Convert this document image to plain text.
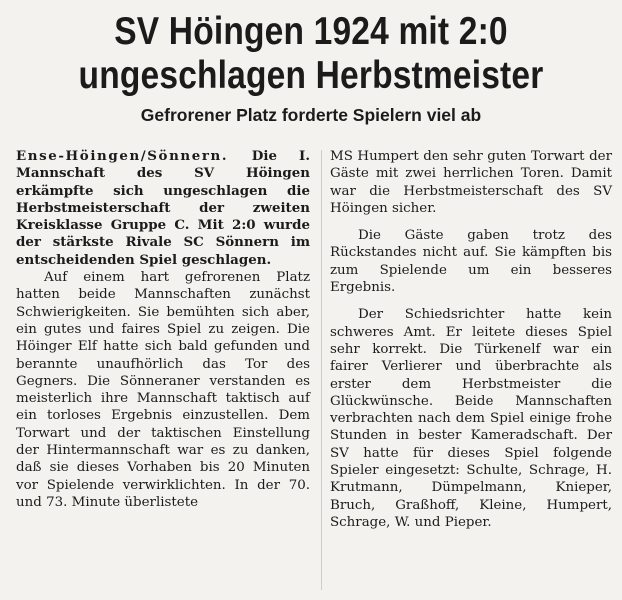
SV Höingen 1924 mit 2:0
ungeschlagen Herbstmeister
Gefrorener Platz forderte Spielern viel ab

Ense-Höingen/Sönnern. Die I. Mannschaft des SV Höingen erkämpfte sich ungeschlagen die Herbstmeisterschaft der zweiten Kreisklasse Gruppe C. Mit 2:0 wurde der stärkste Rivale SC Sönnern im entscheidenden Spiel geschlagen.

Auf einem hart gefrorenen Platz hatten beide Mannschaften zunächst Schwierigkeiten. Sie bemühten sich aber, ein gutes und faires Spiel zu zeigen. Die Höinger Elf hatte sich bald gefunden und berannte unaufhörlich das Tor des Gegners. Die Sönneraner verstanden es meisterlich ihre Mannschaft taktisch auf ein torloses Ergebnis einzustellen. Dem Torwart und der taktischen Einstellung der Hintermannschaft war es zu danken, daß sie dieses Vorhaben bis 20 Minuten vor Spielende verwirklichten. In der 70. und 73. Minute überlistete

MS Humpert den sehr guten Torwart der Gäste mit zwei herrlichen Toren. Damit war die Herbstmeisterschaft des SV Höingen sicher.

Die Gäste gaben trotz des Rückstandes nicht auf. Sie kämpften bis zum Spielende um ein besseres Ergebnis.

Der Schiedsrichter hatte kein schweres Amt. Er leitete dieses Spiel sehr korrekt. Die Türkenelf war ein fairer Verlierer und überbrachte als erster dem Herbstmeister die Glückwünsche. Beide Mannschaften verbrachten nach dem Spiel einige frohe Stunden in bester Kameradschaft. Der SV hatte für dieses Spiel folgende Spieler eingesetzt: Schulte, Schrage, H. Krutmann, Dümpelmann, Knieper, Bruch, Graßhoff, Kleine, Humpert, Schrage, W. und Pieper.
